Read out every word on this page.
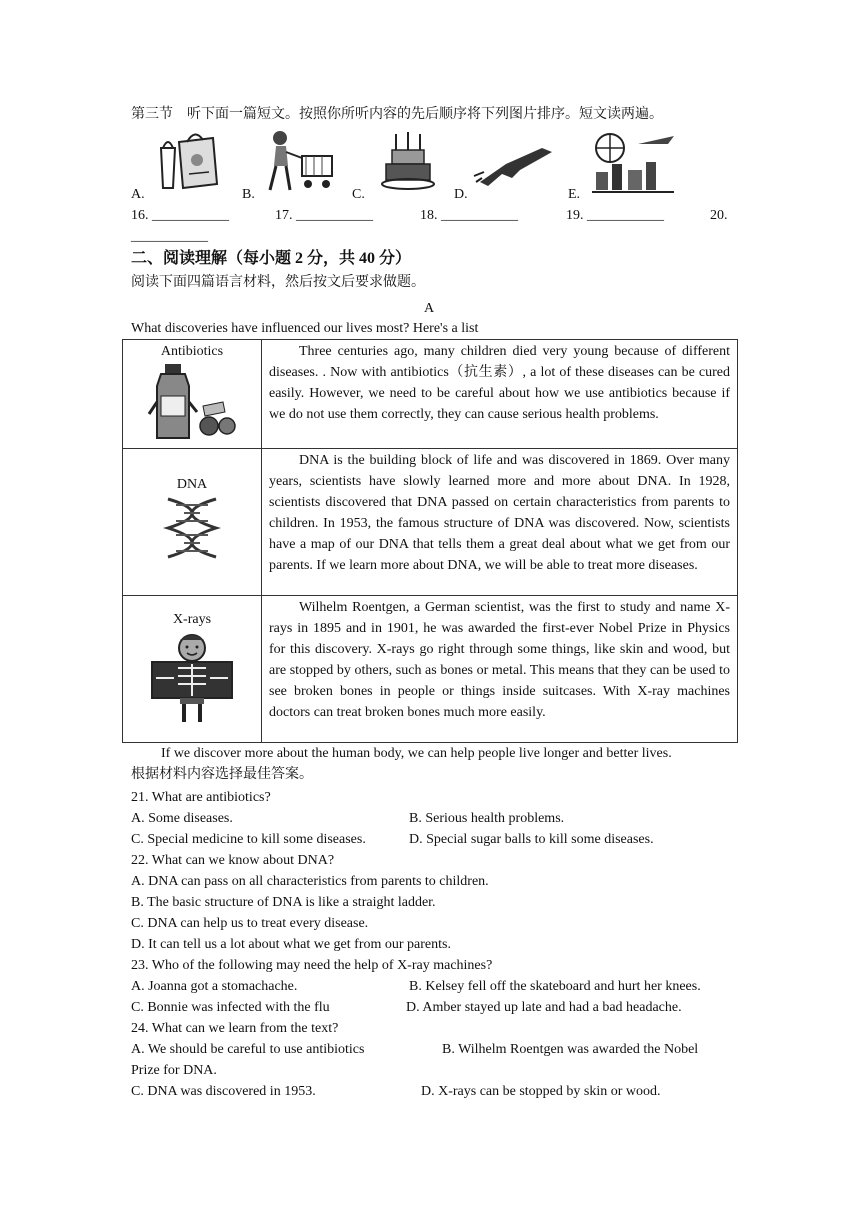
第三节　听下面一篇短文。按照你所听内容的先后顺序将下列图片排序。短文读两遍。
A.	B.	C.	D.	E.
16. ___________	17. ___________	18. ___________	19. ___________	20.
___________
二、阅读理解（每小题 2 分，共 40 分）
阅读下面四篇语言材料，然后按文后要求做题。
A
What discoveries have influenced our lives most? Here's a list
Antibiotics	Three centuries ago, many children died very young because of different diseases. . Now with antibiotics（抗生素）, a lot of these diseases can be cured easily. However, we need to be careful about how we use antibiotics because if we do not use them correctly, they can cause serious health problems.

DNA	DNA is the building block of life and was discovered in 1869. Over many years, scientists have slowly learned more and more about DNA. In 1928, scientists discovered that DNA passed on certain characteristics from parents to children. In 1953, the famous structure of DNA was discovered. Now, scientists have a map of our DNA that tells them a great deal about what we get from our parents. If we learn more about DNA, we will be able to treat more diseases.

X-rays	Wilhelm Roentgen, a German scientist, was the first to study and name X-rays in 1895 and in 1901, he was awarded the first-ever Nobel Prize in Physics for this discovery. X-rays go right through some things, like skin and wood, but are stopped by others, such as bones or metal. This means that they can be used to see broken bones in people or things inside suitcases. With X-ray machines doctors can treat broken bones much more easily.

If we discover more about the human body, we can help people live longer and better lives.
根据材料内容选择最佳答案。
21. What are antibiotics?
A. Some diseases.	B. Serious health problems.
C. Special medicine to kill some diseases.	D. Special sugar balls to kill some diseases.
22. What can we know about DNA?
A. DNA can pass on all characteristics from parents to children.
B. The basic structure of DNA is like a straight ladder.
C. DNA can help us to treat every disease.
D. It can tell us a lot about what we get from our parents.
23. Who of the following may need the help of X-ray machines?
A. Joanna got a stomachache.	B. Kelsey fell off the skateboard and hurt her knees.
C. Bonnie was infected with the flu	D. Amber stayed up late and had a bad headache.
24. What can we learn from the text?
A. We should be careful to use antibiotics	B. Wilhelm Roentgen was awarded the Nobel
Prize for DNA.
C. DNA was discovered in 1953.	D. X-rays can be stopped by skin or wood.
